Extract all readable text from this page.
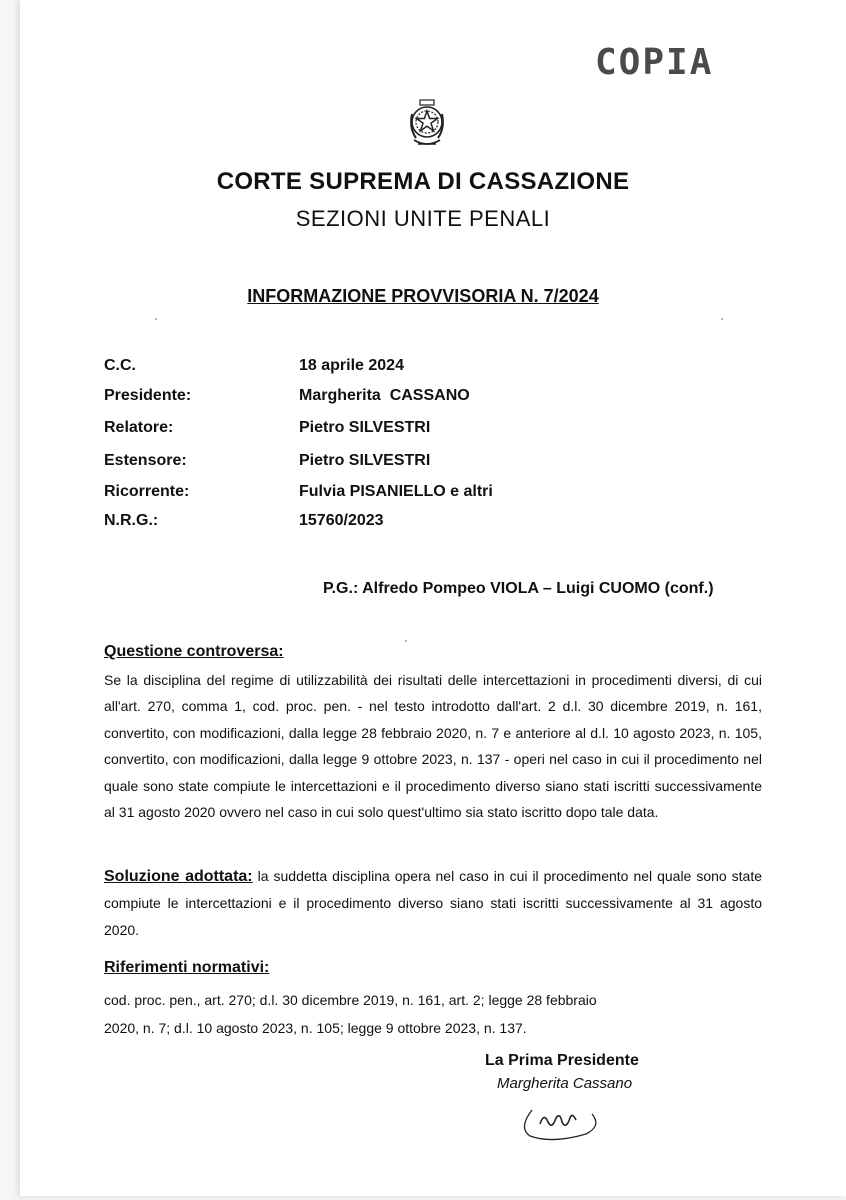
COPIA
CORTE SUPREMA DI CASSAZIONE
SEZIONI UNITE PENALI
INFORMAZIONE PROVVISORIA N. 7/2024
C.C.	18 aprile 2024
Presidente:	Margherita  CASSANO
Relatore:	Pietro SILVESTRI
Estensore:	Pietro SILVESTRI
Ricorrente:	Fulvia PISANIELLO e altri
N.R.G.:	15760/2023
P.G.: Alfredo Pompeo VIOLA – Luigi CUOMO (conf.)
Questione controversa:
Se la disciplina del regime di utilizzabilità dei risultati delle intercettazioni in procedimenti diversi, di cui all'art. 270, comma 1, cod. proc. pen. - nel testo introdotto dall'art. 2 d.l. 30 dicembre 2019, n. 161, convertito, con modificazioni, dalla legge 28 febbraio 2020, n. 7 e anteriore al d.l. 10 agosto 2023, n. 105, convertito, con modificazioni, dalla legge 9 ottobre 2023, n. 137 - operi nel caso in cui il procedimento nel quale sono state compiute le intercettazioni e il procedimento diverso siano stati iscritti successivamente al 31 agosto 2020 ovvero nel caso in cui solo quest'ultimo sia stato iscritto dopo tale data.
Soluzione adottata: la suddetta disciplina opera nel caso in cui il procedimento nel quale sono state compiute le intercettazioni e il procedimento diverso siano stati iscritti successivamente al 31 agosto 2020.
Riferimenti normativi:
cod. proc. pen., art. 270; d.l. 30 dicembre 2019, n. 161, art. 2; legge 28 febbraio
2020, n. 7; d.l. 10 agosto 2023, n. 105; legge 9 ottobre 2023, n. 137.
La Prima Presidente
Margherita Cassano
